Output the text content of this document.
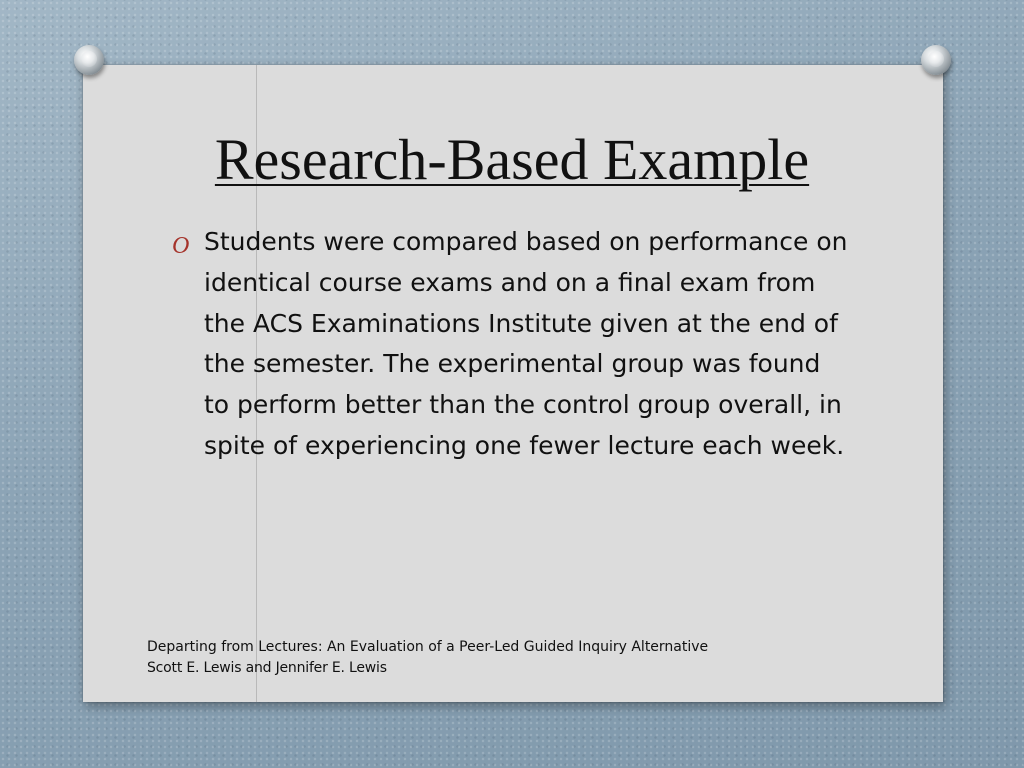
Research-Based Example
O Students were compared based on performance on identical course exams and on a final exam from the ACS Examinations Institute given at the end of the semester. The experimental group was found to perform better than the control group overall, in spite of experiencing one fewer lecture each week.

Departing from Lectures: An Evaluation of a Peer-Led Guided Inquiry Alternative
Scott E. Lewis and Jennifer E. Lewis
